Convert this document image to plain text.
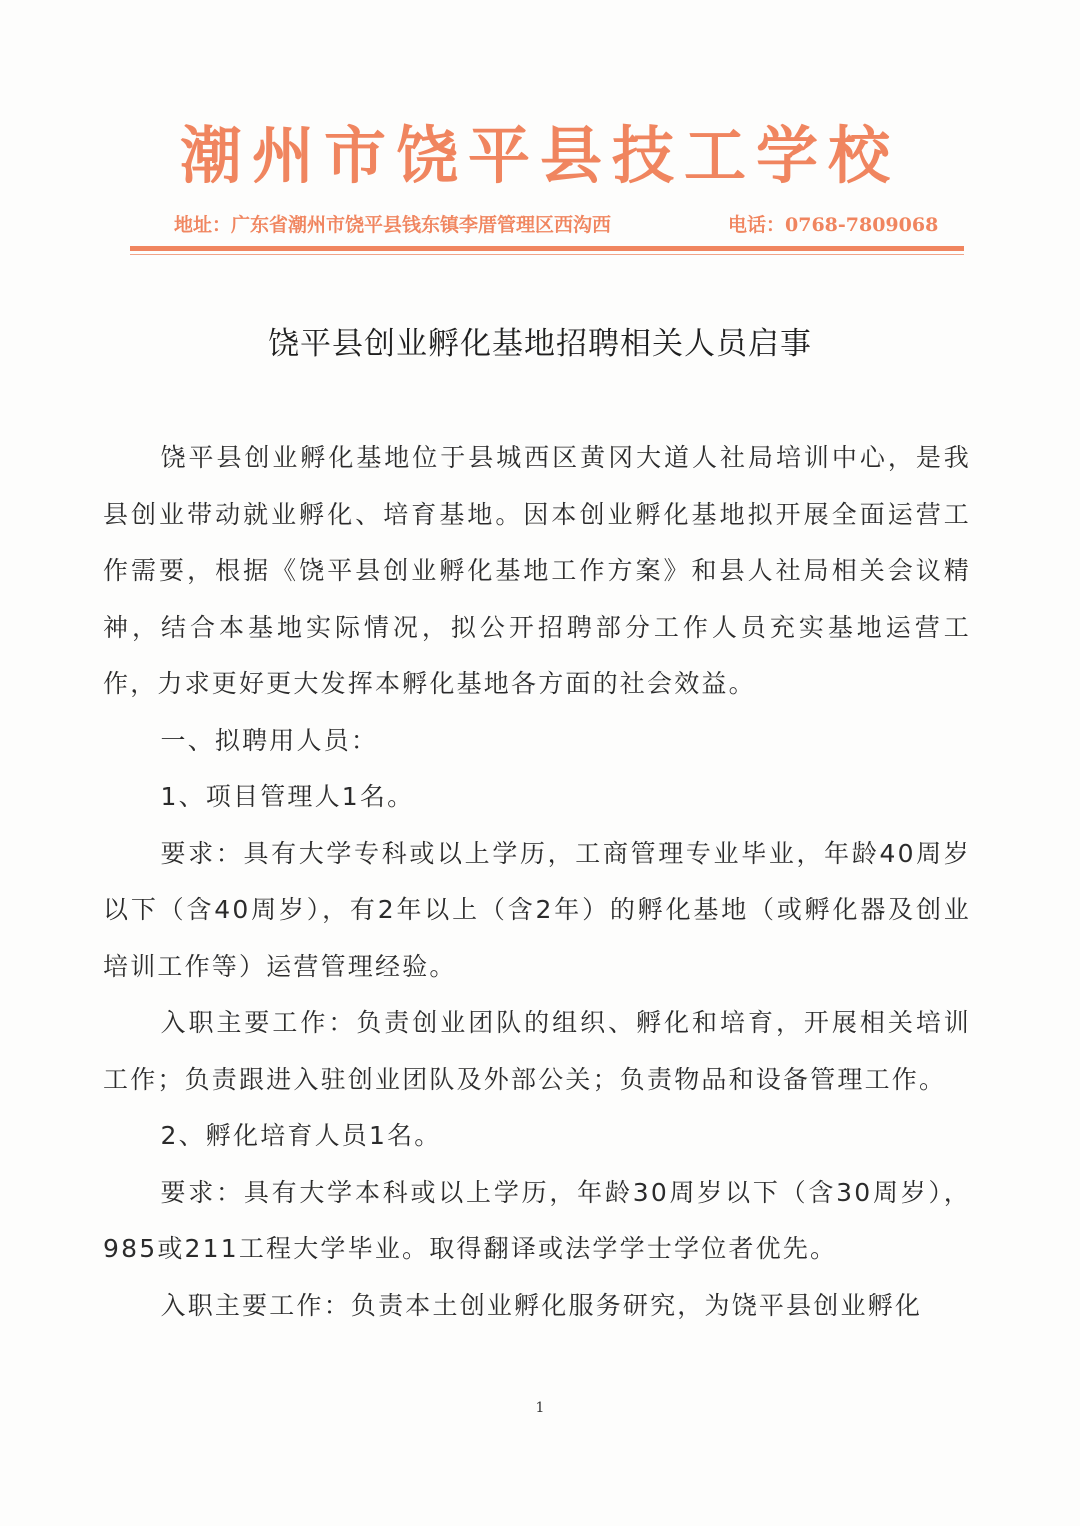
潮州市饶平县技工学校
地址：广东省潮州市饶平县钱东镇李厝管理区西沟西	电话：0768-7809068
饶平县创业孵化基地招聘相关人员启事

饶平县创业孵化基地位于县城西区黄冈大道人社局培训中心，是我县创业带动就业孵化、培育基地。因本创业孵化基地拟开展全面运营工作需要，根据《饶平县创业孵化基地工作方案》和县人社局相关会议精神，结合本基地实际情况，拟公开招聘部分工作人员充实基地运营工作，力求更好更大发挥本孵化基地各方面的社会效益。

一、拟聘用人员：

1、项目管理人1名。

要求：具有大学专科或以上学历，工商管理专业毕业，年龄40周岁以下（含40周岁），有2年以上（含2年）的孵化基地（或孵化器及创业培训工作等）运营管理经验。

入职主要工作：负责创业团队的组织、孵化和培育，开展相关培训工作；负责跟进入驻创业团队及外部公关；负责物品和设备管理工作。

2、孵化培育人员1名。

要求：具有大学本科或以上学历，年龄30周岁以下（含30周岁），985或211工程大学毕业。取得翻译或法学学士学位者优先。

入职主要工作：负责本土创业孵化服务研究，为饶平县创业孵化

1
